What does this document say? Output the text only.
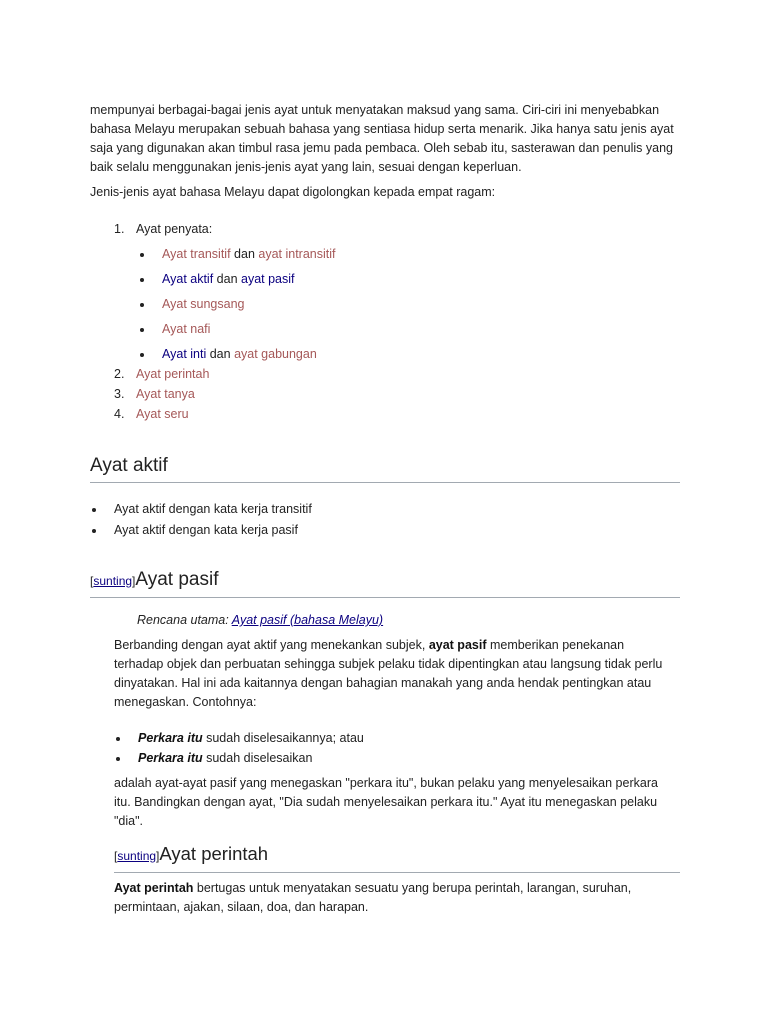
mempunyai berbagai-bagai jenis ayat untuk menyatakan maksud yang sama. Ciri-ciri ini menyebabkan
bahasa Melayu merupakan sebuah bahasa yang sentiasa hidup serta menarik. Jika hanya satu jenis ayat
saja yang digunakan akan timbul rasa jemu pada pembaca. Oleh sebab itu, sasterawan dan penulis yang
baik selalu menggunakan jenis-jenis ayat yang lain, sesuai dengan keperluan.
Jenis-jenis ayat bahasa Melayu dapat digolongkan kepada empat ragam:
1. Ayat penyata:
Ayat transitif dan ayat intransitif
Ayat aktif dan ayat pasif
Ayat sungsang
Ayat nafi
Ayat inti dan ayat gabungan
2. Ayat perintah
3. Ayat tanya
4. Ayat seru
Ayat aktif
Ayat aktif dengan kata kerja transitif
Ayat aktif dengan kata kerja pasif
[sunting]Ayat pasif
Rencana utama: Ayat pasif (bahasa Melayu)
Berbanding dengan ayat aktif yang menekankan subjek, ayat pasif memberikan penekanan
terhadap objek dan perbuatan sehingga subjek pelaku tidak dipentingkan atau langsung tidak perlu
dinyatakan. Hal ini ada kaitannya dengan bahagian manakah yang anda hendak pentingkan atau
menegaskan. Contohnya:
Perkara itu sudah diselesaikannya; atau
Perkara itu sudah diselesaikan
adalah ayat-ayat pasif yang menegaskan "perkara itu", bukan pelaku yang menyelesaikan perkara
itu. Bandingkan dengan ayat, "Dia sudah menyelesaikan perkara itu." Ayat itu menegaskan pelaku
"dia".
[sunting]Ayat perintah
Ayat perintah bertugas untuk menyatakan sesuatu yang berupa perintah, larangan, suruhan,
permintaan, ajakan, silaan, doa, dan harapan.
